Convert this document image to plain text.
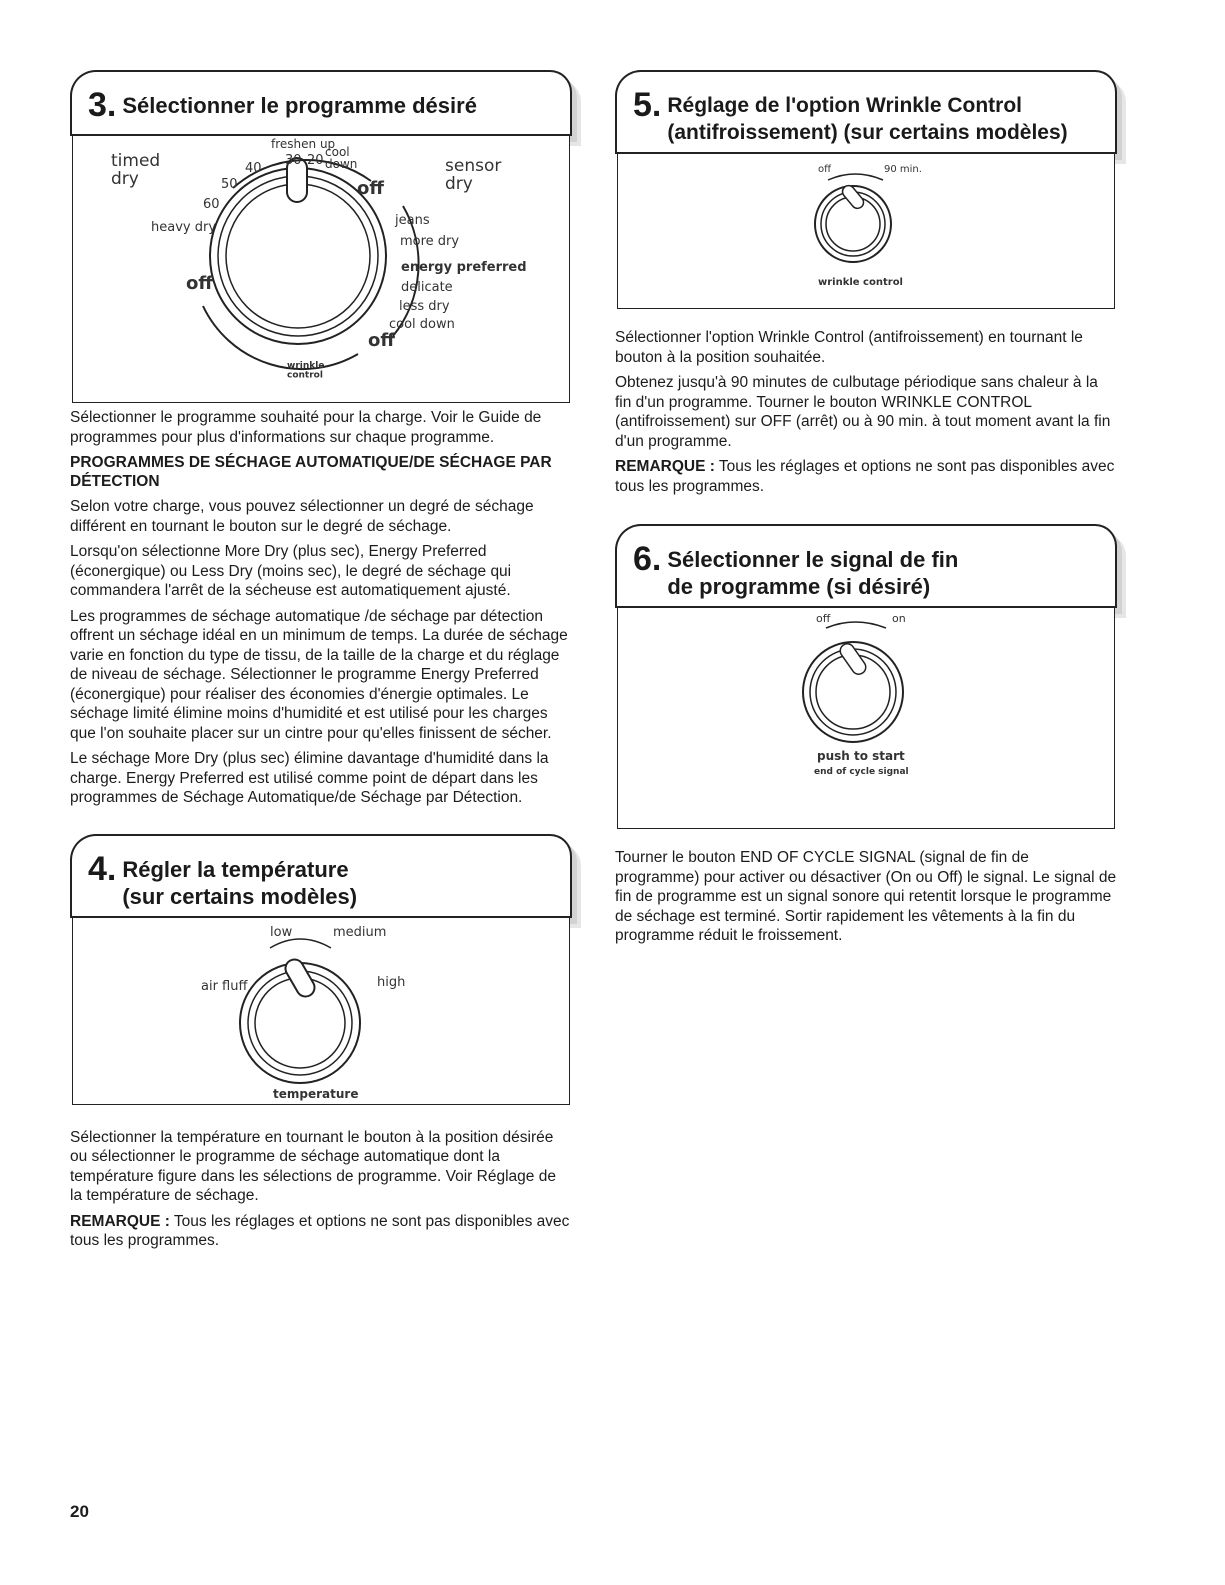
3. Sélectionner le programme désiré
timed dry
sensor dry
freshen up
cool
down
30 20
40
50
60
heavy dry
off
off
off
jeans
more dry
energy preferred
delicate
less dry
cool down
wrinkle control

Sélectionner le programme souhaité pour la charge. Voir le Guide de programmes pour plus d'informations sur chaque programme.

PROGRAMMES DE SÉCHAGE AUTOMATIQUE/DE SÉCHAGE PAR DÉTECTION

Selon votre charge, vous pouvez sélectionner un degré de séchage différent en tournant le bouton sur le degré de séchage.

Lorsqu'on sélectionne More Dry (plus sec), Energy Preferred (éconergique) ou Less Dry (moins sec), le degré de séchage qui commandera l'arrêt de la sécheuse est automatiquement ajusté.

Les programmes de séchage automatique /de séchage par détection offrent un séchage idéal en un minimum de temps. La durée de séchage varie en fonction du type de tissu, de la taille de la charge et du réglage de niveau de séchage. Sélectionner le programme Energy Preferred (éconergique) pour réaliser des économies d'énergie optimales. Le séchage limité élimine moins d'humidité et est utilisé pour les charges que l'on souhaite placer sur un cintre pour qu'elles finissent de sécher.

Le séchage More Dry (plus sec) élimine davantage d'humidité dans la charge. Energy Preferred est utilisé comme point de départ dans les programmes de Séchage Automatique/de Séchage par Détection.

4. Régler la température
(sur certains modèles)
low	medium
air fluff	high
temperature

Sélectionner la température en tournant le bouton à la position désirée ou sélectionner le programme de séchage automatique dont la température figure dans les sélections de programme. Voir Réglage de la température de séchage.

REMARQUE : Tous les réglages et options ne sont pas disponibles avec tous les programmes.

5. Réglage de l'option Wrinkle Control
(antifroissement) (sur certains modèles)
off	90 min.
wrinkle control

Sélectionner l'option Wrinkle Control (antifroissement) en tournant le bouton à la position souhaitée.

Obtenez jusqu'à 90 minutes de culbutage périodique sans chaleur à la fin d'un programme. Tourner le bouton WRINKLE CONTROL (antifroissement) sur OFF (arrêt) ou à 90 min. à tout moment avant la fin d'un programme.

REMARQUE : Tous les réglages et options ne sont pas disponibles avec tous les programmes.

6. Sélectionner le signal de fin
de programme (si désiré)
off	on
push to start
end of cycle signal

Tourner le bouton END OF CYCLE SIGNAL (signal de fin de programme) pour activer ou désactiver (On ou Off) le signal. Le signal de fin de programme est un signal sonore qui retentit lorsque le programme de séchage est terminé. Sortir rapidement les vêtements à la fin du programme réduit le froissement.

20
